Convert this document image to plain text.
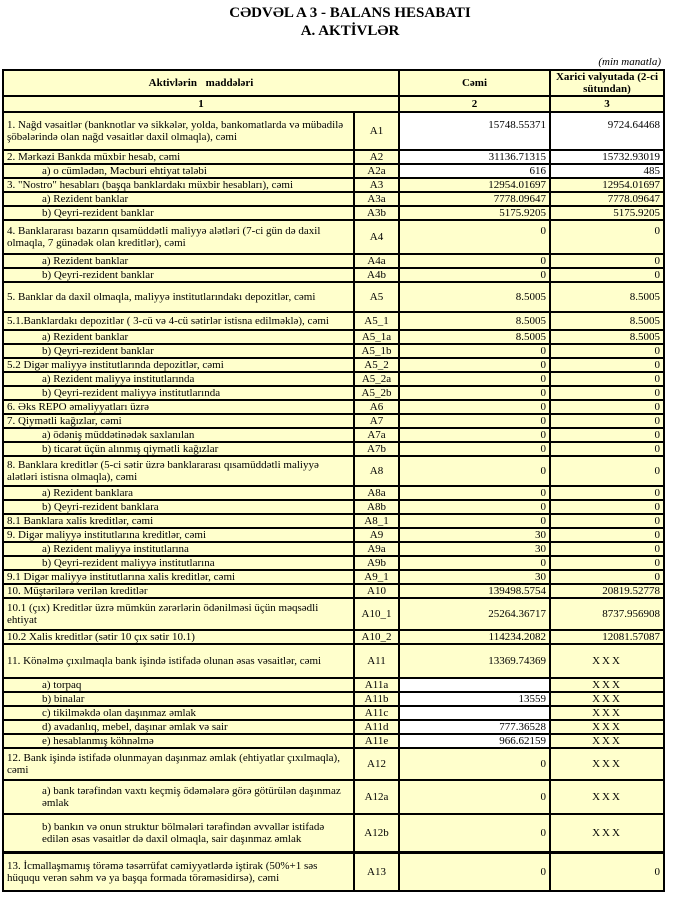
CƏDVƏL A 3 - BALANS HESABATI
A. AKTİVLƏR
(min manatla)
Aktivlərin maddələri		Cəmi	Xarici valyutada (2-ci sütundan)
1		2	3
1. Nağd vəsaitlər (banknotlar və sikkələr, yolda, bankomatlarda və mübadilə şöbələrində olan nağd vəsaitlər daxil olmaqla), cəmi	A1	15748.55371	9724.64468
2. Mərkəzi Bankda müxbir hesab, cəmi	A2	31136.71315	15732.93019
a) o cümlədən, Məcburi ehtiyat tələbi	A2a	616	485
3. "Nostro" hesabları (başqa banklardakı müxbir hesabları), cəmi	A3	12954.01697	12954.01697
a) Rezident banklar	A3a	7778.09647	7778.09647
b) Qeyri-rezident banklar	A3b	5175.9205	5175.9205
4. Banklararası bazarın qısamüddətli maliyyə alətləri (7-ci gün də daxil olmaqla, 7 günədək olan kreditlər), cəmi	A4	0	0
a) Rezident banklar	A4a	0	0
b) Qeyri-rezident banklar	A4b	0	0
5. Banklar da daxil olmaqla, maliyyə institutlarındakı depozitlər, cəmi	A5	8.5005	8.5005
5.1.Banklardakı depozitlər ( 3-cü və 4-cü sətirlər istisna edilməklə), cəmi	A5_1	8.5005	8.5005
a) Rezident banklar	A5_1a	8.5005	8.5005
b) Qeyri-rezident banklar	A5_1b	0	0
5.2 Digər maliyyə institutlarında depozitlər, cəmi	A5_2	0	0
a) Rezident maliyyə institutlarında	A5_2a	0	0
b) Qeyri-rezident maliyyə institutlarında	A5_2b	0	0
6. Əks REPO əməliyyatları üzrə	A6	0	0
7. Qiymətli kağızlar, cəmi	A7	0	0
a) ödəniş müddətinədək saxlanılan	A7a	0	0
b) ticarət üçün alınmış qiymətli kağızlar	A7b	0	0
8. Banklara kreditlər (5-ci sətir üzrə banklararası qısamüddətli maliyyə alətləri istisna olmaqla), cəmi	A8	0	0
a) Rezident banklara	A8a	0	0
b) Qeyri-rezident banklara	A8b	0	0
8.1 Banklara xalis kreditlər, cəmi	A8_1	0	0
9. Digər maliyyə institutlarına kreditlər, cəmi	A9	30	0
a) Rezident maliyyə institutlarına	A9a	30	0
b) Qeyri-rezident maliyyə institutlarına	A9b	0	0
9.1 Digər maliyyə institutlarına xalis kreditlər, cəmi	A9_1	30	0
10. Müştərilərə verilən kreditlər	A10	139498.5754	20819.52778
10.1 (çıx) Kreditlər üzrə mümkün zərərlərin ödənilməsi üçün məqsədli ehtiyat	A10_1	25264.36717	8737.956908
10.2 Xalis kreditlər (sətir 10 çıx sətir 10.1)	A10_2	114234.2082	12081.57087
11. Könəlmə çıxılmaqla bank işində istifadə olunan əsas vəsaitlər, cəmi	A11	13369.74369	XXX
a) torpaq	A11a		XXX
b) binalar	A11b	13559	XXX
c) tikilməkdə olan daşınmaz əmlak	A11c		XXX
d) avadanlıq, mebel, daşınar əmlak və sair	A11d	777.36528	XXX
e) hesablanmış köhnəlmə	A11e	966.62159	XXX
12. Bank işində istifadə olunmayan daşınmaz əmlak (ehtiyatlar çıxılmaqla), cəmi	A12	0	XXX
a) bank tərəfindən vaxtı keçmiş ödəmələrə görə götürülən daşınmaz əmlak	A12a	0	XXX
b) bankın və onun struktur bölmələri tərəfindən əvvəllər istifadə edilən əsas vəsaitlər də daxil olmaqla, sair daşınmaz əmlak	A12b	0	XXX
13. İcmallaşmamış törəmə təsərrüfat cəmiyyətlərdə iştirak (50%+1 səs hüququ verən səhm və ya başqa formada törəməsidirsə), cəmi	A13	0	0
